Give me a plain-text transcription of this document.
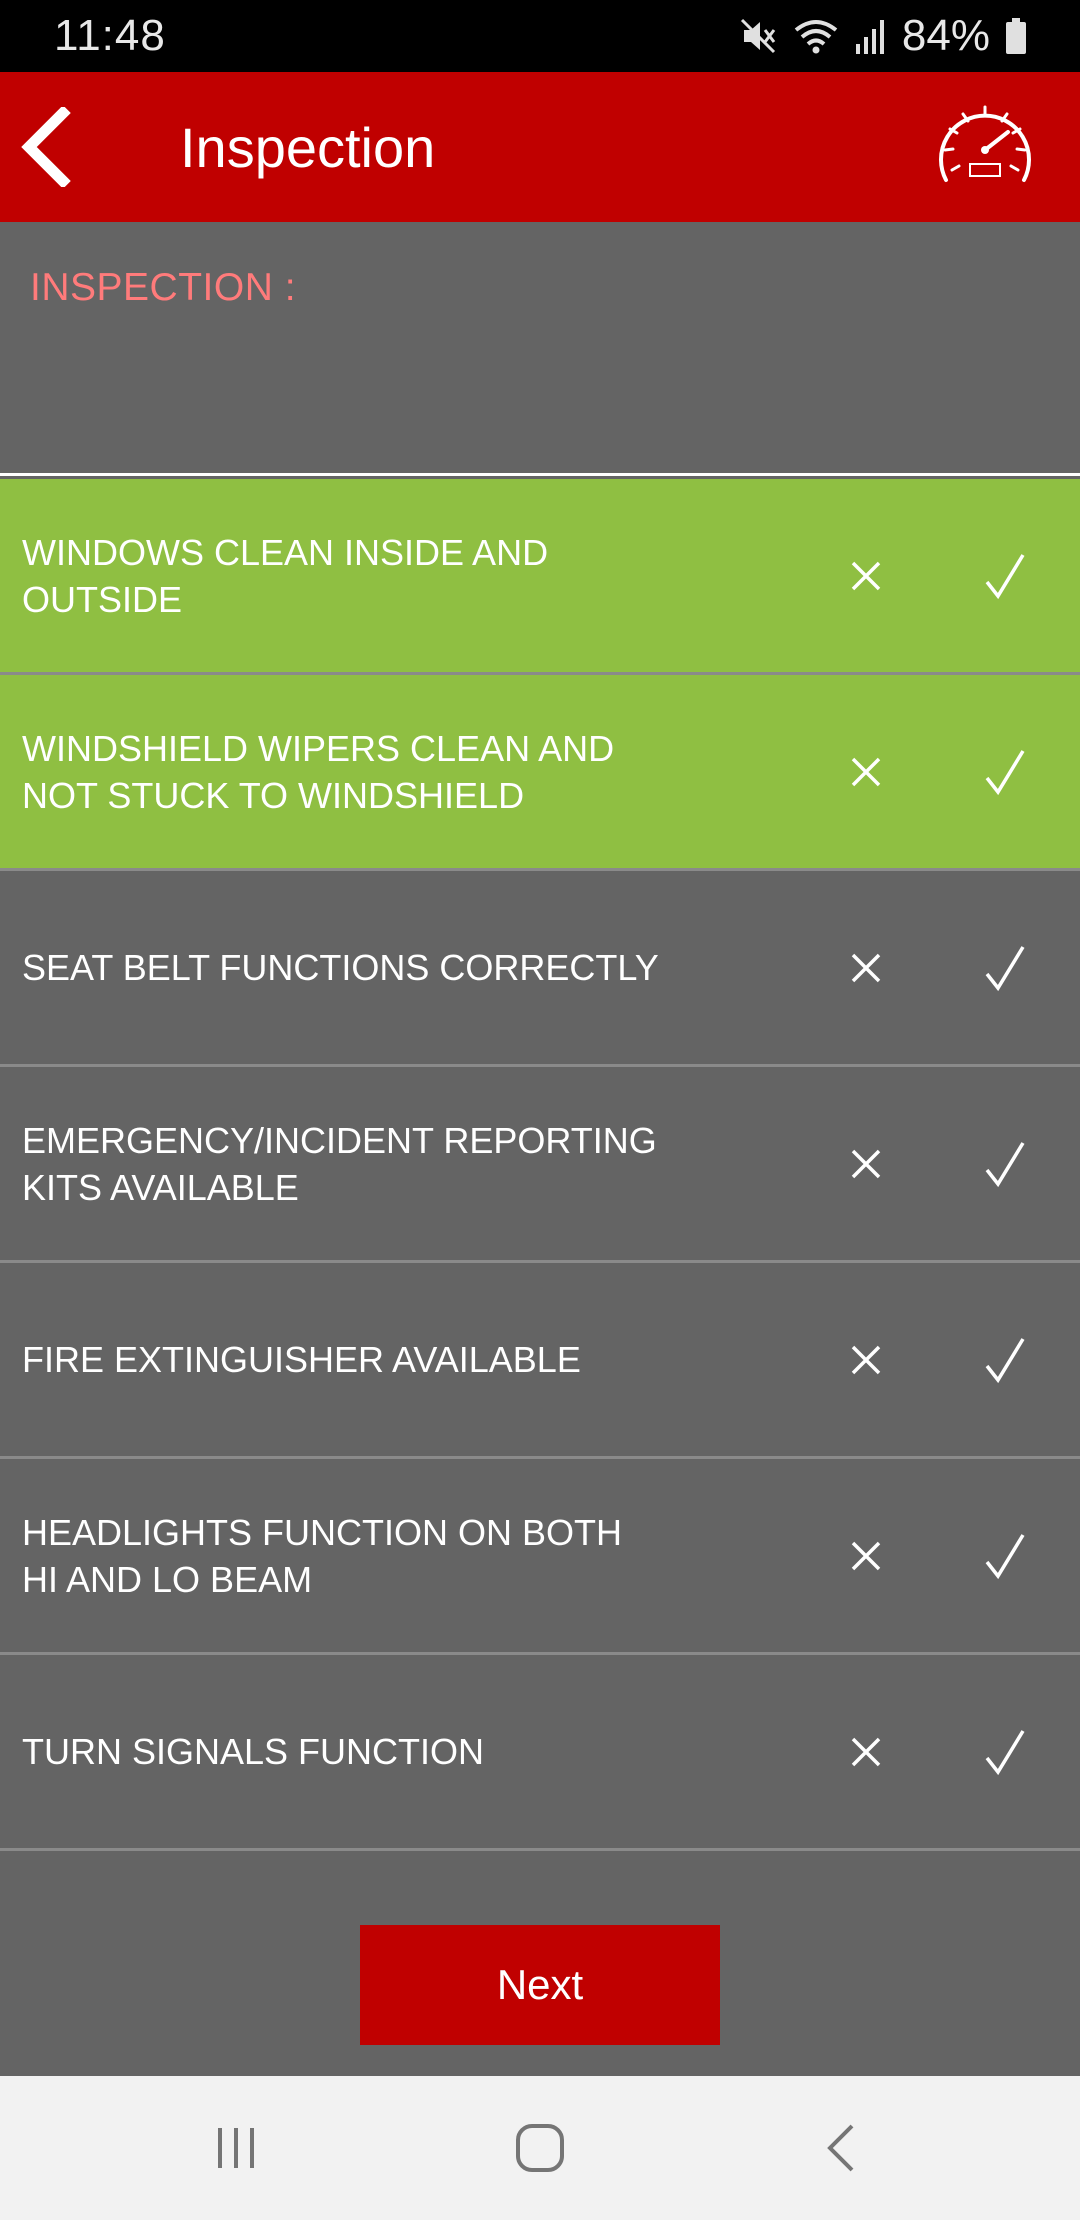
11:48	84%
Inspection
INSPECTION :
WINDOWS CLEAN INSIDE AND OUTSIDE
WINDSHIELD WIPERS CLEAN AND NOT STUCK TO WINDSHIELD
SEAT BELT FUNCTIONS CORRECTLY
EMERGENCY/INCIDENT REPORTING KITS AVAILABLE
FIRE EXTINGUISHER AVAILABLE
HEADLIGHTS FUNCTION ON BOTH HI AND LO BEAM
TURN SIGNALS FUNCTION
Next
